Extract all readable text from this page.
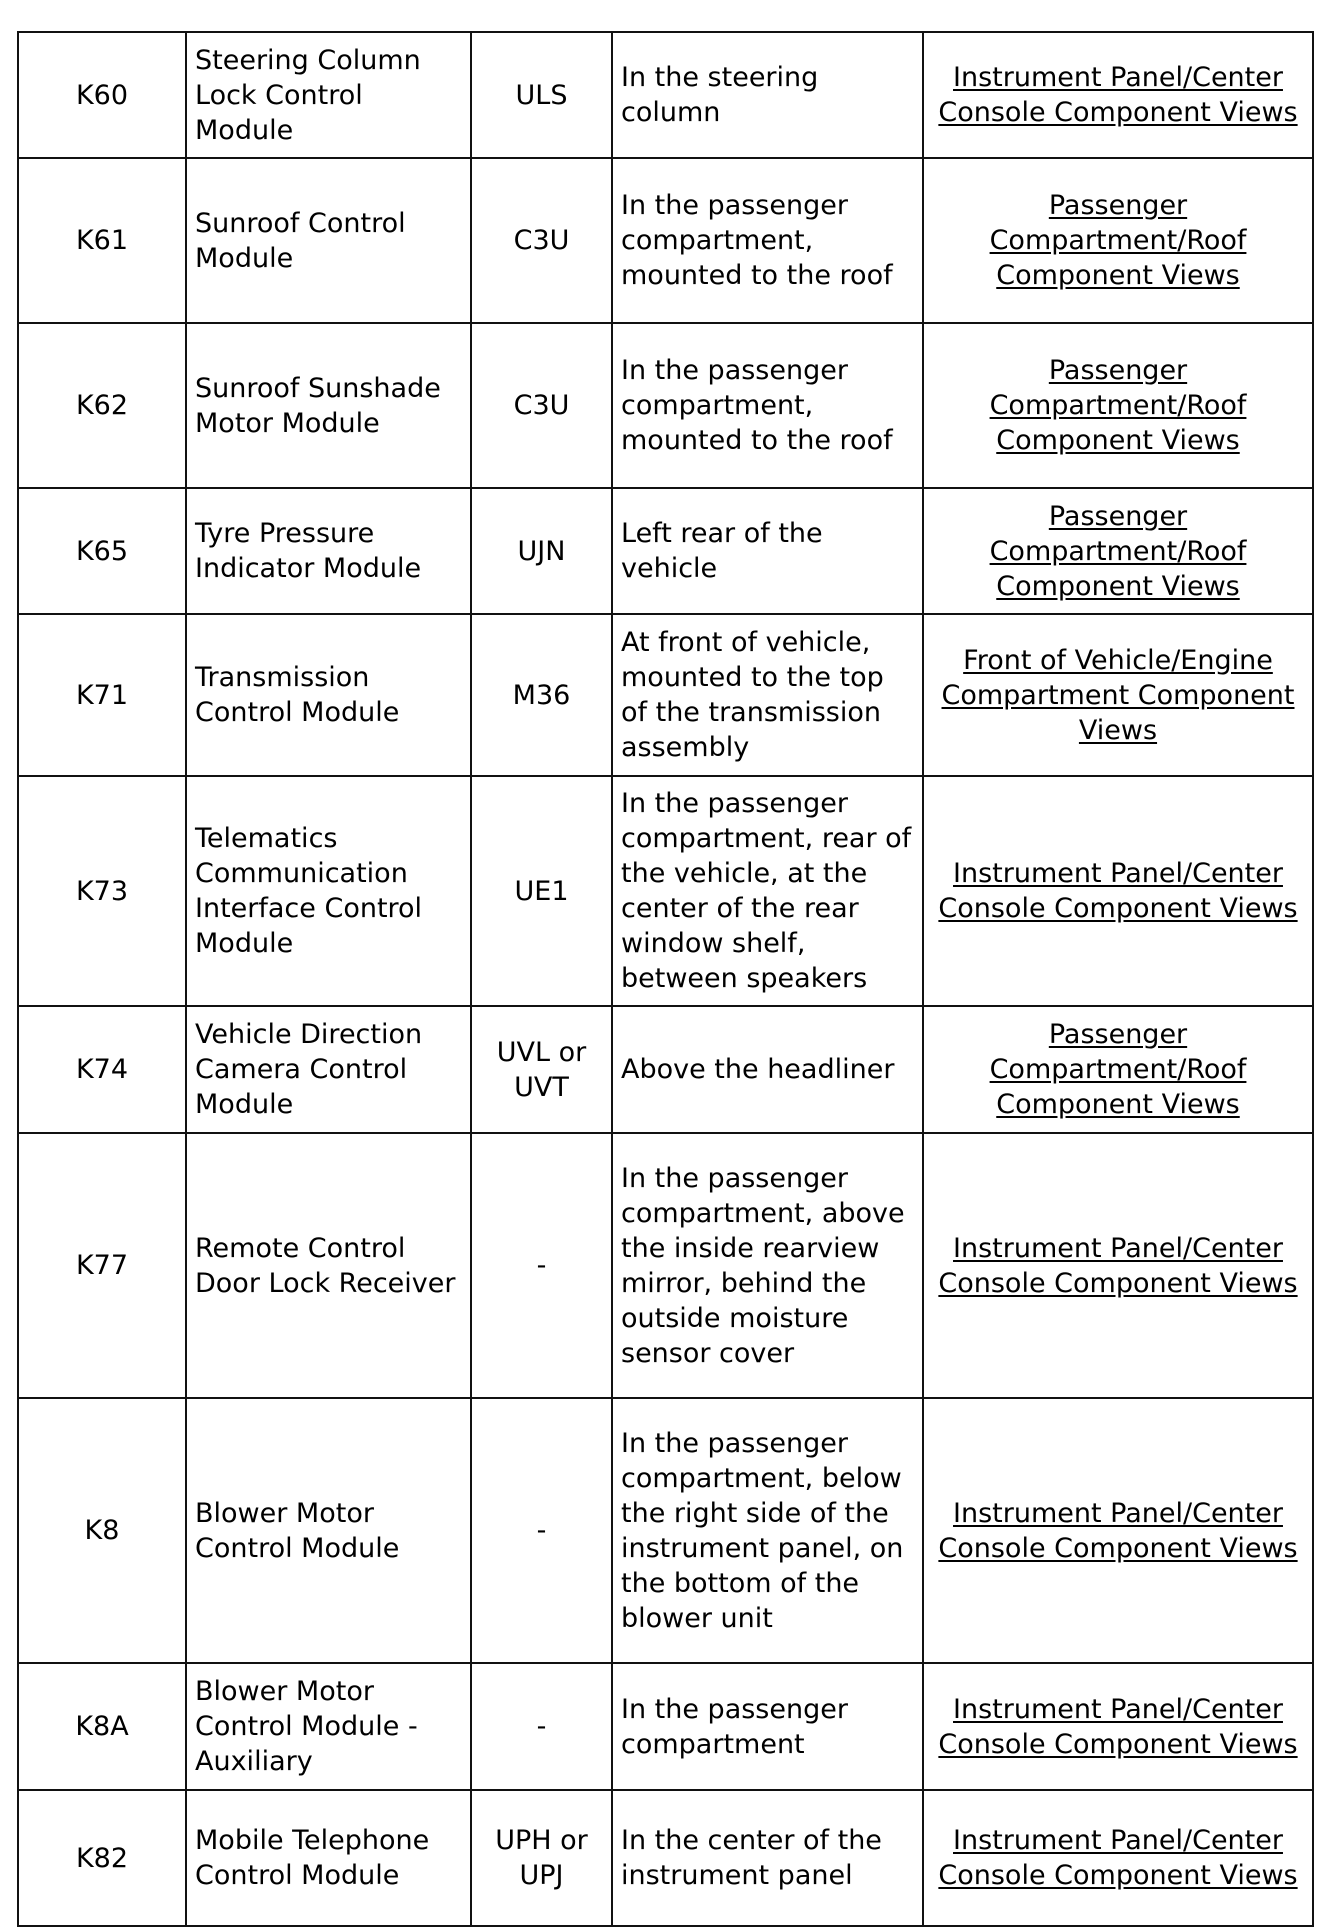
K60	Steering Column Lock Control Module	ULS	In the steering column	Instrument Panel/Center Console Component Views
K61	Sunroof Control Module	C3U	In the passenger compartment, mounted to the roof	Passenger Compartment/Roof Component Views
K62	Sunroof Sunshade Motor Module	C3U	In the passenger compartment, mounted to the roof	Passenger Compartment/Roof Component Views
K65	Tyre Pressure Indicator Module	UJN	Left rear of the vehicle	Passenger Compartment/Roof Component Views
K71	Transmission Control Module	M36	At front of vehicle, mounted to the top of the transmission assembly	Front of Vehicle/Engine Compartment Component Views
K73	Telematics Communication Interface Control Module	UE1	In the passenger compartment, rear of the vehicle, at the center of the rear window shelf, between speakers	Instrument Panel/Center Console Component Views
K74	Vehicle Direction Camera Control Module	UVL or UVT	Above the headliner	Passenger Compartment/Roof Component Views
K77	Remote Control Door Lock Receiver	-	In the passenger compartment, above the inside rearview mirror, behind the outside moisture sensor cover	Instrument Panel/Center Console Component Views
K8	Blower Motor Control Module	-	In the passenger compartment, below the right side of the instrument panel, on the bottom of the blower unit	Instrument Panel/Center Console Component Views
K8A	Blower Motor Control Module - Auxiliary	-	In the passenger compartment	Instrument Panel/Center Console Component Views
K82	Mobile Telephone Control Module	UPH or UPJ	In the center of the instrument panel	Instrument Panel/Center Console Component Views
